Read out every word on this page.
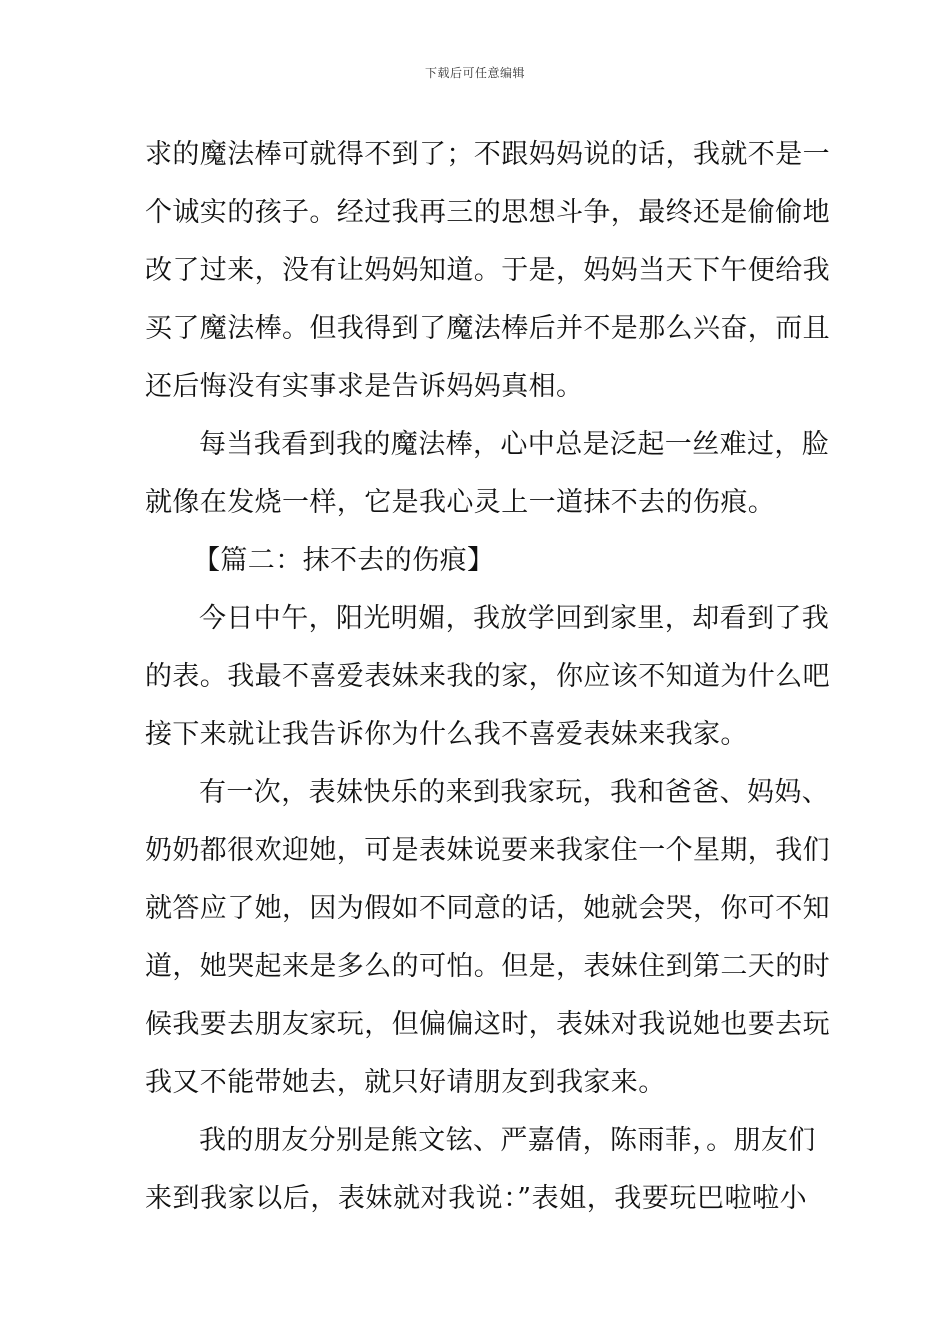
下载后可任意编辑
求的魔法棒可就得不到了；不跟妈妈说的话，我就不是一
个诚实的孩子。经过我再三的思想斗争，最终还是偷偷地
改了过来，没有让妈妈知道。于是，妈妈当天下午便给我
买了魔法棒。但我得到了魔法棒后并不是那么兴奋，而且
还后悔没有实事求是告诉妈妈真相。
每当我看到我的魔法棒，心中总是泛起一丝难过，脸
就像在发烧一样，它是我心灵上一道抹不去的伤痕。
【篇二：抹不去的伤痕】
今日中午，阳光明媚，我放学回到家里，却看到了我
的表。我最不喜爱表妹来我的家，你应该不知道为什么吧
接下来就让我告诉你为什么我不喜爱表妹来我家。
有一次，表妹快乐的来到我家玩，我和爸爸、妈妈、
奶奶都很欢迎她，可是表妹说要来我家住一个星期，我们
就答应了她，因为假如不同意的话，她就会哭，你可不知
道，她哭起来是多么的可怕。但是，表妹住到第二天的时
候我要去朋友家玩，但偏偏这时，表妹对我说她也要去玩
我又不能带她去，就只好请朋友到我家来。
我的朋友分别是熊文铉、严嘉倩，陈雨菲，。朋友们
来到我家以后，表妹就对我说：”表姐，我要玩巴啦啦小
